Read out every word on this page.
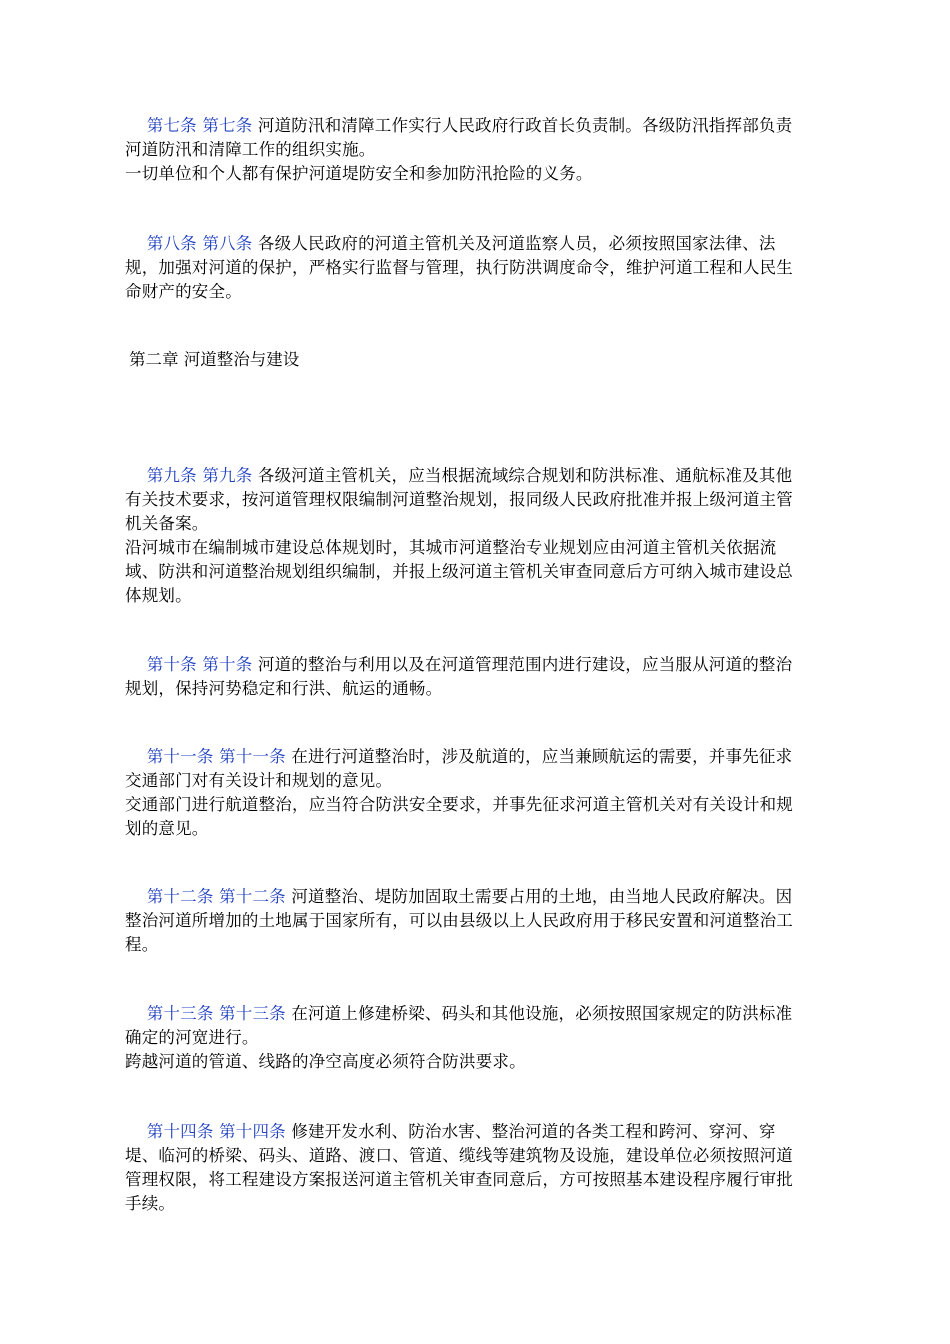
第七条 第七条 河道防汛和清障工作实行人民政府行政首长负责制。各级防汛指挥部负责
河道防汛和清障工作的组织实施。
一切单位和个人都有保护河道堤防安全和参加防汛抢险的义务。
第八条 第八条 各级人民政府的河道主管机关及河道监察人员，必须按照国家法律、法
规，加强对河道的保护，严格实行监督与管理，执行防洪调度命令，维护河道工程和人民生
命财产的安全。
第二章 河道整治与建设
第九条 第九条 各级河道主管机关，应当根据流域综合规划和防洪标准、通航标准及其他
有关技术要求，按河道管理权限编制河道整治规划，报同级人民政府批准并报上级河道主管
机关备案。
沿河城市在编制城市建设总体规划时，其城市河道整治专业规划应由河道主管机关依据流
域、防洪和河道整治规划组织编制，并报上级河道主管机关审查同意后方可纳入城市建设总
体规划。
第十条 第十条 河道的整治与利用以及在河道管理范围内进行建设，应当服从河道的整治
规划，保持河势稳定和行洪、航运的通畅。
第十一条 第十一条 在进行河道整治时，涉及航道的，应当兼顾航运的需要，并事先征求
交通部门对有关设计和规划的意见。
交通部门进行航道整治，应当符合防洪安全要求，并事先征求河道主管机关对有关设计和规
划的意见。
第十二条 第十二条 河道整治、堤防加固取土需要占用的土地，由当地人民政府解决。因
整治河道所增加的土地属于国家所有，可以由县级以上人民政府用于移民安置和河道整治工
程。
第十三条 第十三条 在河道上修建桥梁、码头和其他设施，必须按照国家规定的防洪标准
确定的河宽进行。
跨越河道的管道、线路的净空高度必须符合防洪要求。
第十四条 第十四条 修建开发水利、防治水害、整治河道的各类工程和跨河、穿河、穿
堤、临河的桥梁、码头、道路、渡口、管道、缆线等建筑物及设施，建设单位必须按照河道
管理权限，将工程建设方案报送河道主管机关审查同意后，方可按照基本建设程序履行审批
手续。
